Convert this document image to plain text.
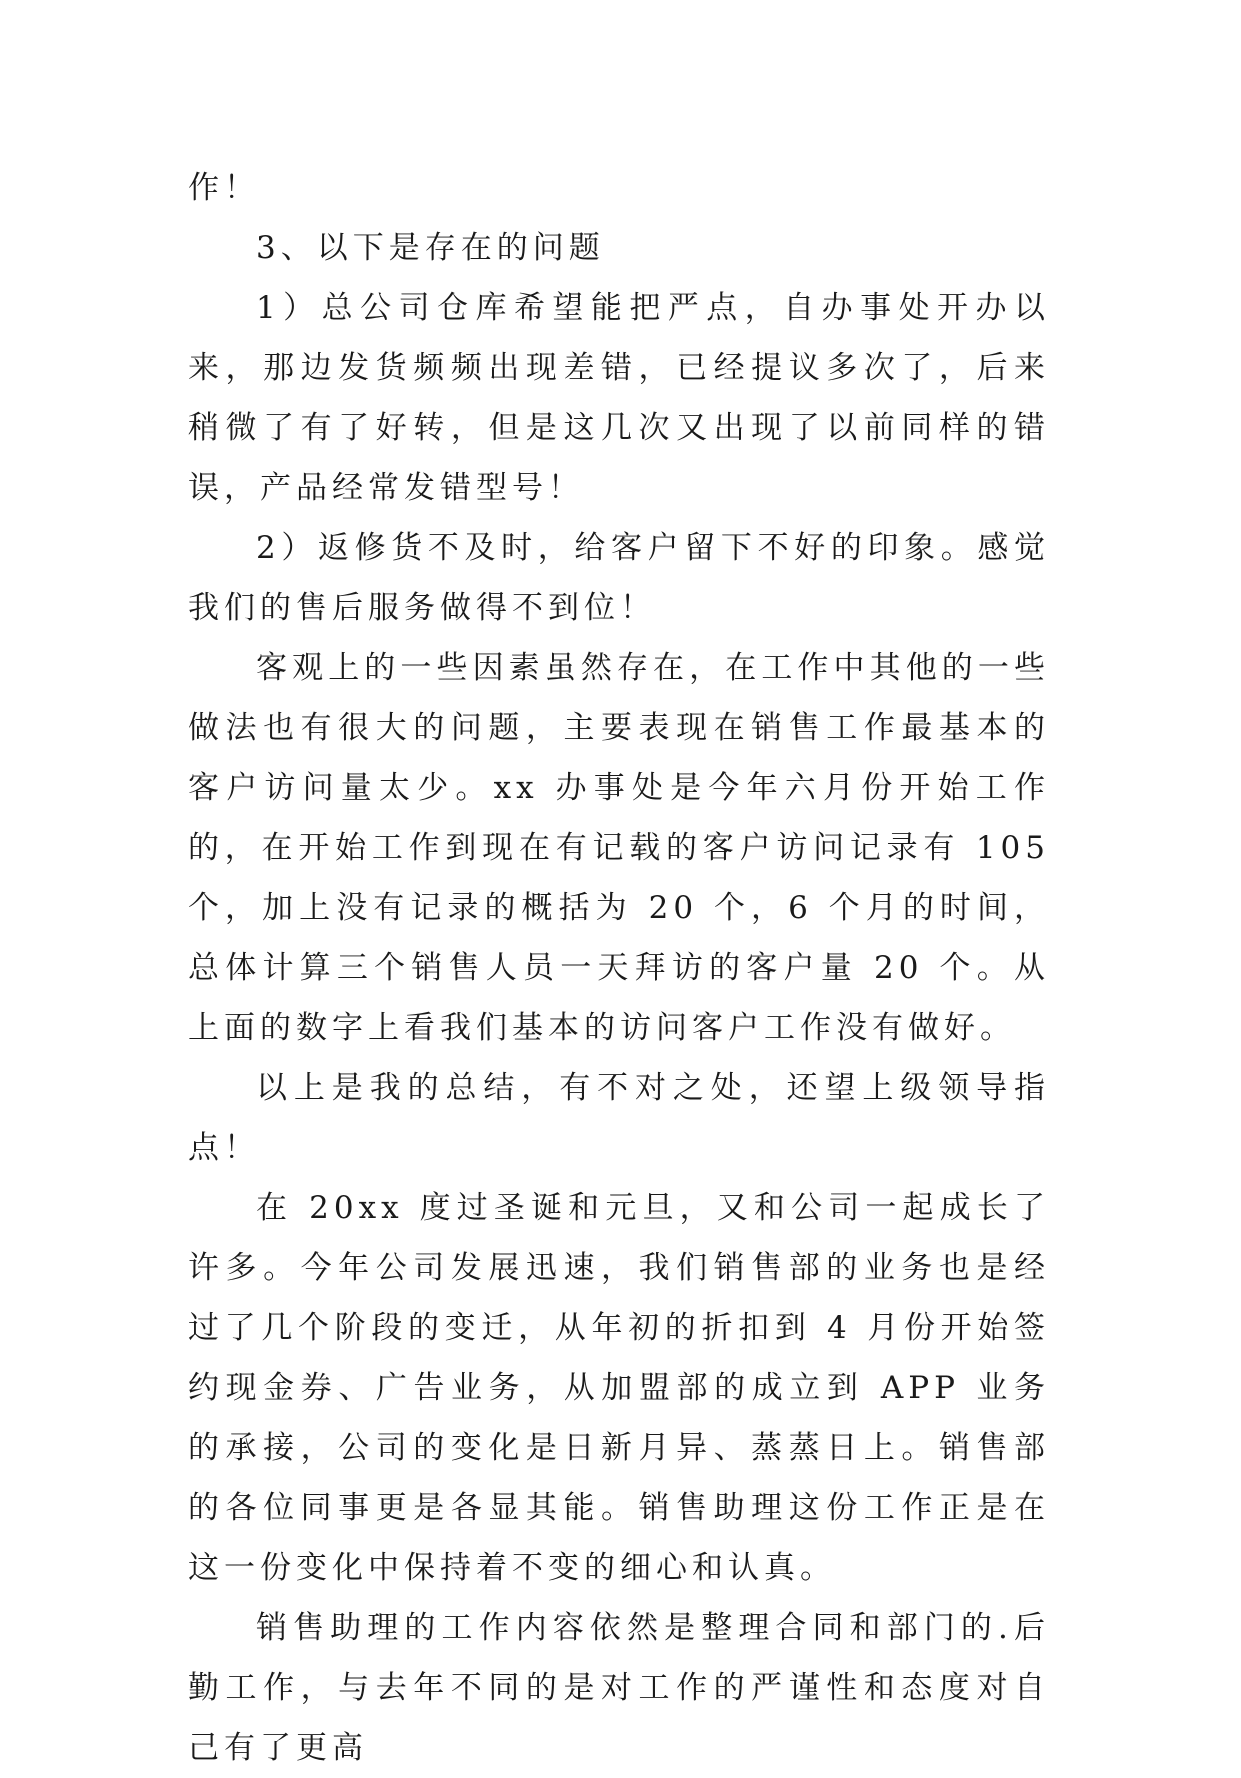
作！

3、以下是存在的问题

1）总公司仓库希望能把严点，自办事处开办以来，那边发货频频出现差错，已经提议多次了，后来稍微了有了好转，但是这几次又出现了以前同样的错误，产品经常发错型号！

2）返修货不及时，给客户留下不好的印象。感觉我们的售后服务做得不到位！

客观上的一些因素虽然存在，在工作中其他的一些做法也有很大的问题，主要表现在销售工作最基本的客户访问量太少。xx 办事处是今年六月份开始工作的，在开始工作到现在有记载的客户访问记录有 105 个，加上没有记录的概括为 20 个，6 个月的时间，总体计算三个销售人员一天拜访的客户量 20 个。从上面的数字上看我们基本的访问客户工作没有做好。

以上是我的总结，有不对之处，还望上级领导指点！

在 20xx 度过圣诞和元旦，又和公司一起成长了许多。今年公司发展迅速，我们销售部的业务也是经过了几个阶段的变迁，从年初的折扣到 4 月份开始签约现金券、广告业务，从加盟部的成立到 APP 业务的承接，公司的变化是日新月异、蒸蒸日上。销售部的各位同事更是各显其能。销售助理这份工作正是在这一份变化中保持着不变的细心和认真。

销售助理的工作内容依然是整理合同和部门的.后勤工作，与去年不同的是对工作的严谨性和态度对自己有了更高
